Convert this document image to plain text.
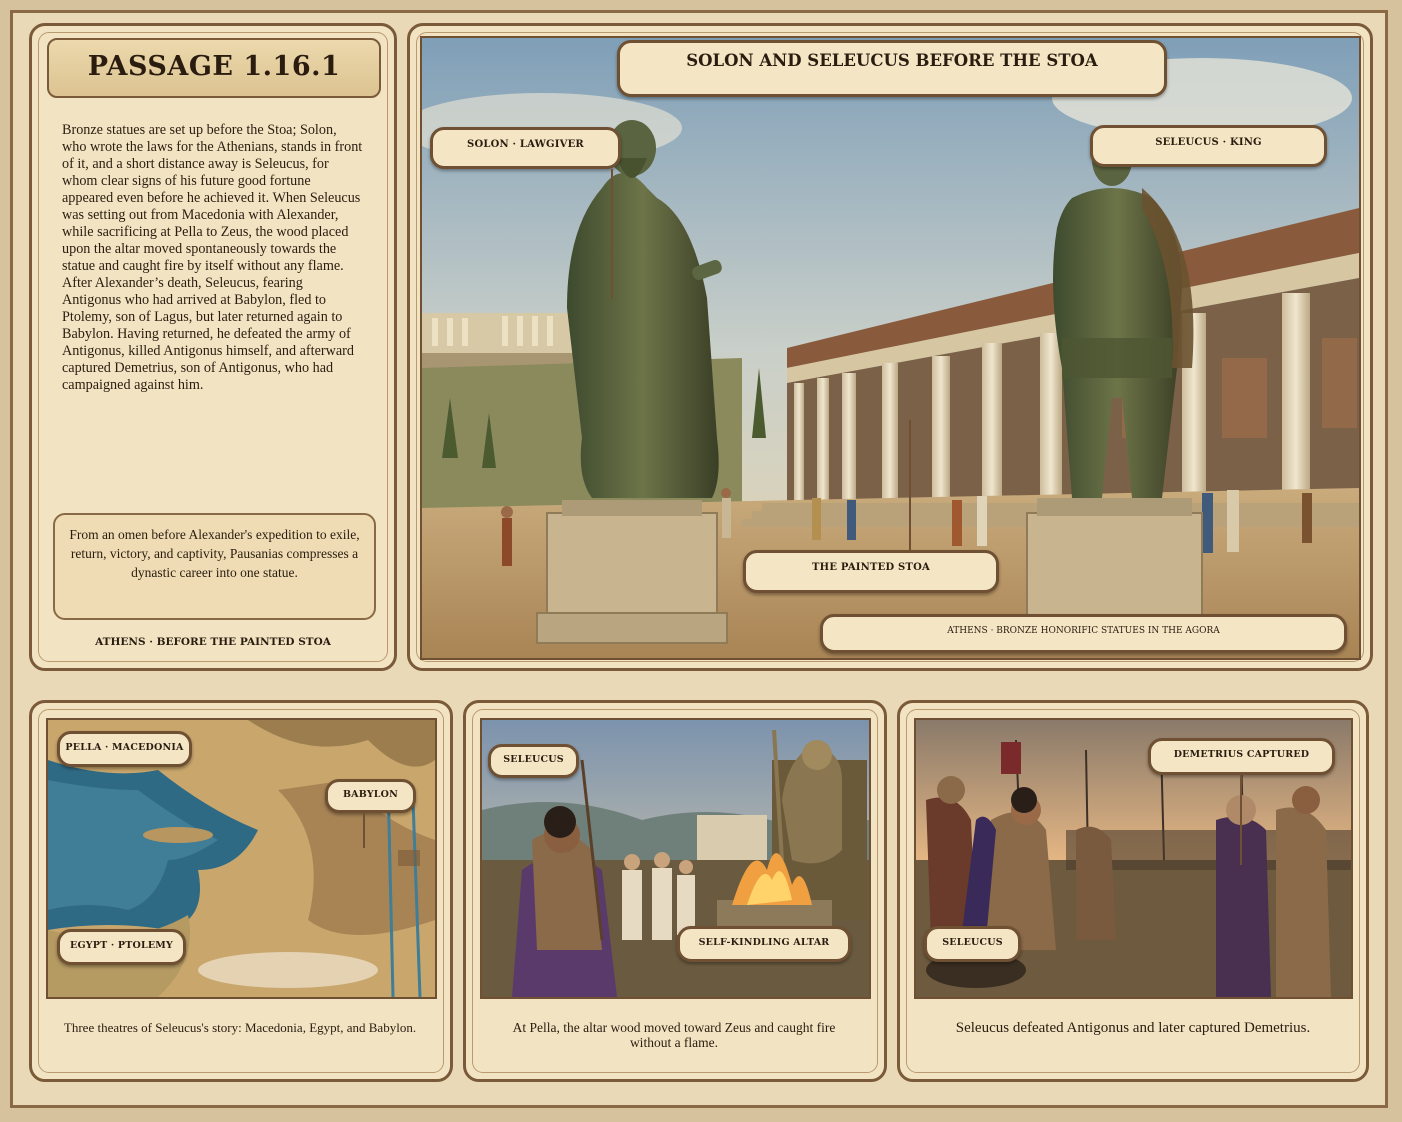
PASSAGE 1.16.1
Bronze statues are set up before the Stoa; Solon, who wrote the laws for the Athenians, stands in front of it, and a short distance away is Seleucus, for whom clear signs of his future good fortune appeared even before he achieved it. When Seleucus was setting out from Macedonia with Alexander, while sacrificing at Pella to Zeus, the wood placed upon the altar moved spontaneously towards the statue and caught fire by itself without any flame. After Alexander’s death, Seleucus, fearing Antigonus who had arrived at Babylon, fled to Ptolemy, son of Lagus, but later returned again to Babylon. Having returned, he defeated the army of Antigonus, killed Antigonus himself, and afterward captured Demetrius, son of Antigonus, who had campaigned against him.
From an omen before Alexander's expedition to exile, return, victory, and captivity, Pausanias compresses a dynastic career into one statue.
ATHENS · BEFORE THE PAINTED STOA
SOLON AND SELEUCUS BEFORE THE STOA
SOLON · LAWGIVER	SELEUCUS · KING
THE PAINTED STOA
ATHENS · BRONZE HONORIFIC STATUES IN THE AGORA
PELLA · MACEDONIA
BABYLON
EGYPT · PTOLEMY
Three theatres of Seleucus's story: Macedonia, Egypt, and Babylon.
SELEUCUS
SELF-KINDLING ALTAR
At Pella, the altar wood moved toward Zeus and caught fire without a flame.
DEMETRIUS CAPTURED
SELEUCUS
Seleucus defeated Antigonus and later captured Demetrius.
